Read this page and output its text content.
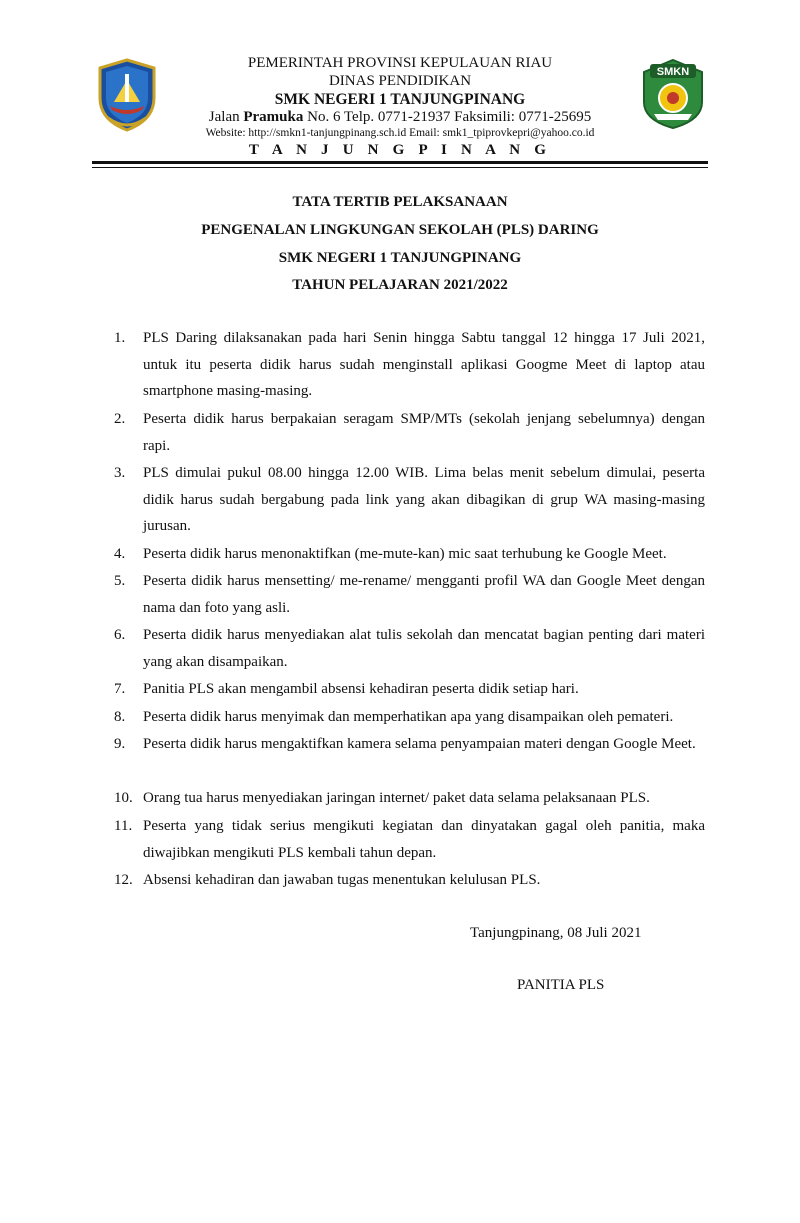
PEMERINTAH PROVINSI KEPULAUAN RIAU
DINAS PENDIDIKAN
SMK NEGERI 1 TANJUNGPINANG
Jalan Pramuka No. 6 Telp. 0771-21937 Faksimili: 0771-25695
Website: http://smkn1-tanjungpinang.sch.id Email: smk1_tpiprovkepri@yahoo.co.id
T A N J U N G P I N A N G
SMKN
TATA TERTIB PELAKSANAAN
PENGENALAN LINGKUNGAN SEKOLAH (PLS) DARING
SMK NEGERI 1 TANJUNGPINANG
TAHUN PELAJARAN 2021/2022
1. PLS Daring dilaksanakan pada hari Senin hingga Sabtu tanggal 12 hingga 17 Juli 2021, untuk itu peserta didik harus sudah menginstall aplikasi Googme Meet di laptop atau smartphone masing-masing.
2. Peserta didik harus berpakaian seragam SMP/MTs (sekolah jenjang sebelumnya) dengan rapi.
3. PLS dimulai pukul 08.00 hingga 12.00 WIB. Lima belas menit sebelum dimulai, peserta didik harus sudah bergabung pada link yang akan dibagikan di grup WA masing-masing jurusan.
4. Peserta didik harus menonaktifkan (me-mute-kan) mic saat terhubung ke Google Meet.
5. Peserta didik harus mensetting/ me-rename/ mengganti profil WA dan Google Meet dengan nama dan foto yang asli.
6. Peserta didik harus menyediakan alat tulis sekolah dan mencatat bagian penting dari materi yang akan disampaikan.
7. Panitia PLS akan mengambil absensi kehadiran peserta didik setiap hari.
8. Peserta didik harus menyimak dan memperhatikan apa yang disampaikan oleh pemateri.
9. Peserta didik harus mengaktifkan kamera selama penyampaian materi dengan Google Meet.
10. Orang tua harus menyediakan jaringan internet/ paket data selama pelaksanaan PLS.
11. Peserta yang tidak serius mengikuti kegiatan dan dinyatakan gagal oleh panitia, maka diwajibkan mengikuti PLS kembali tahun depan.
12. Absensi kehadiran dan jawaban tugas menentukan kelulusan PLS.
Tanjungpinang, 08 Juli 2021
PANITIA PLS
